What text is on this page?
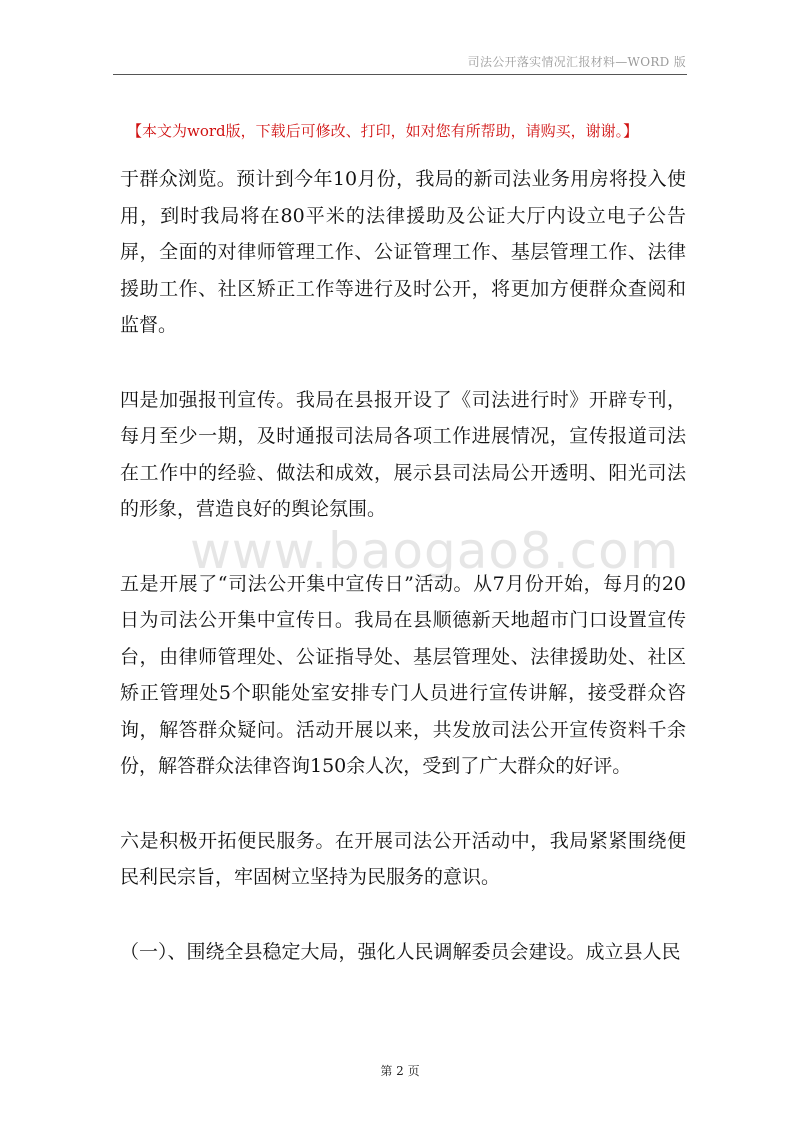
司法公开落实情况汇报材料—WORD 版
【本文为word版，下载后可修改、打印，如对您有所帮助，请购买，谢谢。】
www.baogao8.com

于群众浏览。预计到今年10月份，我局的新司法业务用房将投入使用，到时我局将在80平米的法律援助及公证大厅内设立电子公告屏，全面的对律师管理工作、公证管理工作、基层管理工作、法律援助工作、社区矫正工作等进行及时公开，将更加方便群众查阅和监督。

四是加强报刊宣传。我局在县报开设了《司法进行时》开辟专刊，每月至少一期，及时通报司法局各项工作进展情况，宣传报道司法在工作中的经验、做法和成效，展示县司法局公开透明、阳光司法的形象，营造良好的舆论氛围。

五是开展了“司法公开集中宣传日”活动。从7月份开始，每月的20日为司法公开集中宣传日。我局在县顺德新天地超市门口设置宣传台，由律师管理处、公证指导处、基层管理处、法律援助处、社区矫正管理处5个职能处室安排专门人员进行宣传讲解，接受群众咨询，解答群众疑问。活动开展以来，共发放司法公开宣传资料千余份，解答群众法律咨询150余人次，受到了广大群众的好评。

六是积极开拓便民服务。在开展司法公开活动中，我局紧紧围绕便民利民宗旨，牢固树立坚持为民服务的意识。

（一）、围绕全县稳定大局，强化人民调解委员会建设。成立县人民

第 2 页
